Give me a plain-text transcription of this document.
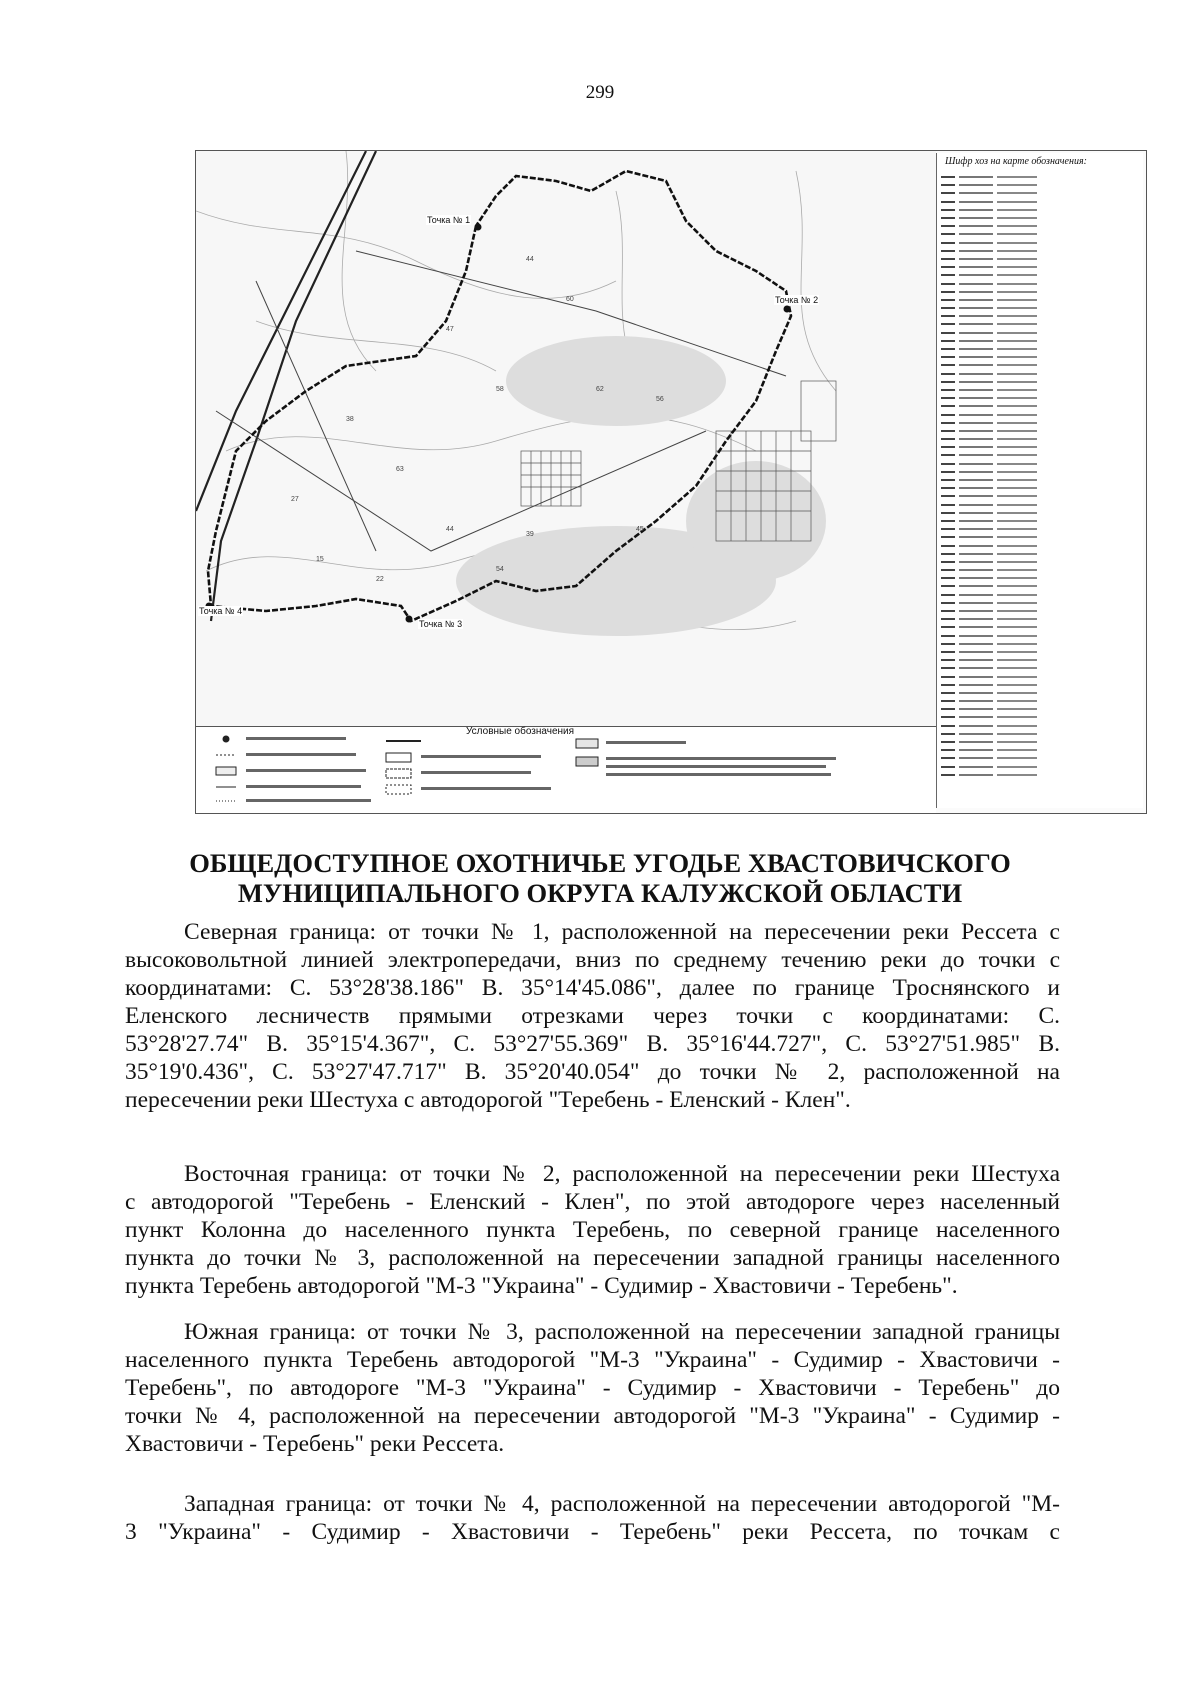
299
44
60
47
58	62
56
38
63
27
44
39
45
15
22
54
Точка № 1
Точка № 2
Точка № 3
Точка № 4
Шифр хоз на карте обозначения:
Условные обозначения
ОБЩЕДОСТУПНОЕ ОХОТНИЧЬЕ УГОДЬЕ ХВАСТОВИЧСКОГО
МУНИЦИПАЛЬНОГО ОКРУГА КАЛУЖСКОЙ ОБЛАСТИ
Северная граница: от точки № 1, расположенной на пересечении реки Рессета с
высоковольтной линией электропередачи, вниз по среднему течению реки до точки с
координатами: С. 53°28'38.186" В. 35°14'45.086", далее по границе Троснянского и
Еленского лесничеств прямыми отрезками через точки с координатами: С.
53°28'27.74" В. 35°15'4.367", С. 53°27'55.369" В. 35°16'44.727", С. 53°27'51.985" В.
35°19'0.436", С. 53°27'47.717" В. 35°20'40.054" до точки № 2, расположенной на
пересечении реки Шестуха с автодорогой "Теребень - Еленский - Клен".
Восточная граница: от точки № 2, расположенной на пересечении реки Шестуха
с автодорогой "Теребень - Еленский - Клен", по этой автодороге через населенный
пункт Колонна до населенного пункта Теребень, по северной границе населенного
пункта до точки № 3, расположенной на пересечении западной границы населенного
пункта Теребень автодорогой "М-3 "Украина" - Судимир - Хвастовичи - Теребень".
Южная граница: от точки № 3, расположенной на пересечении западной границы
населенного пункта Теребень автодорогой "М-3 "Украина" - Судимир - Хвастовичи -
Теребень", по автодороге "М-3 "Украина" - Судимир - Хвастовичи - Теребень" до
точки № 4, расположенной на пересечении автодорогой "М-3 "Украина" - Судимир -
Хвастовичи - Теребень" реки Рессета.
Западная граница: от точки № 4, расположенной на пересечении автодорогой "М-
3 "Украина" - Судимир - Хвастовичи - Теребень" реки Рессета, по точкам с
